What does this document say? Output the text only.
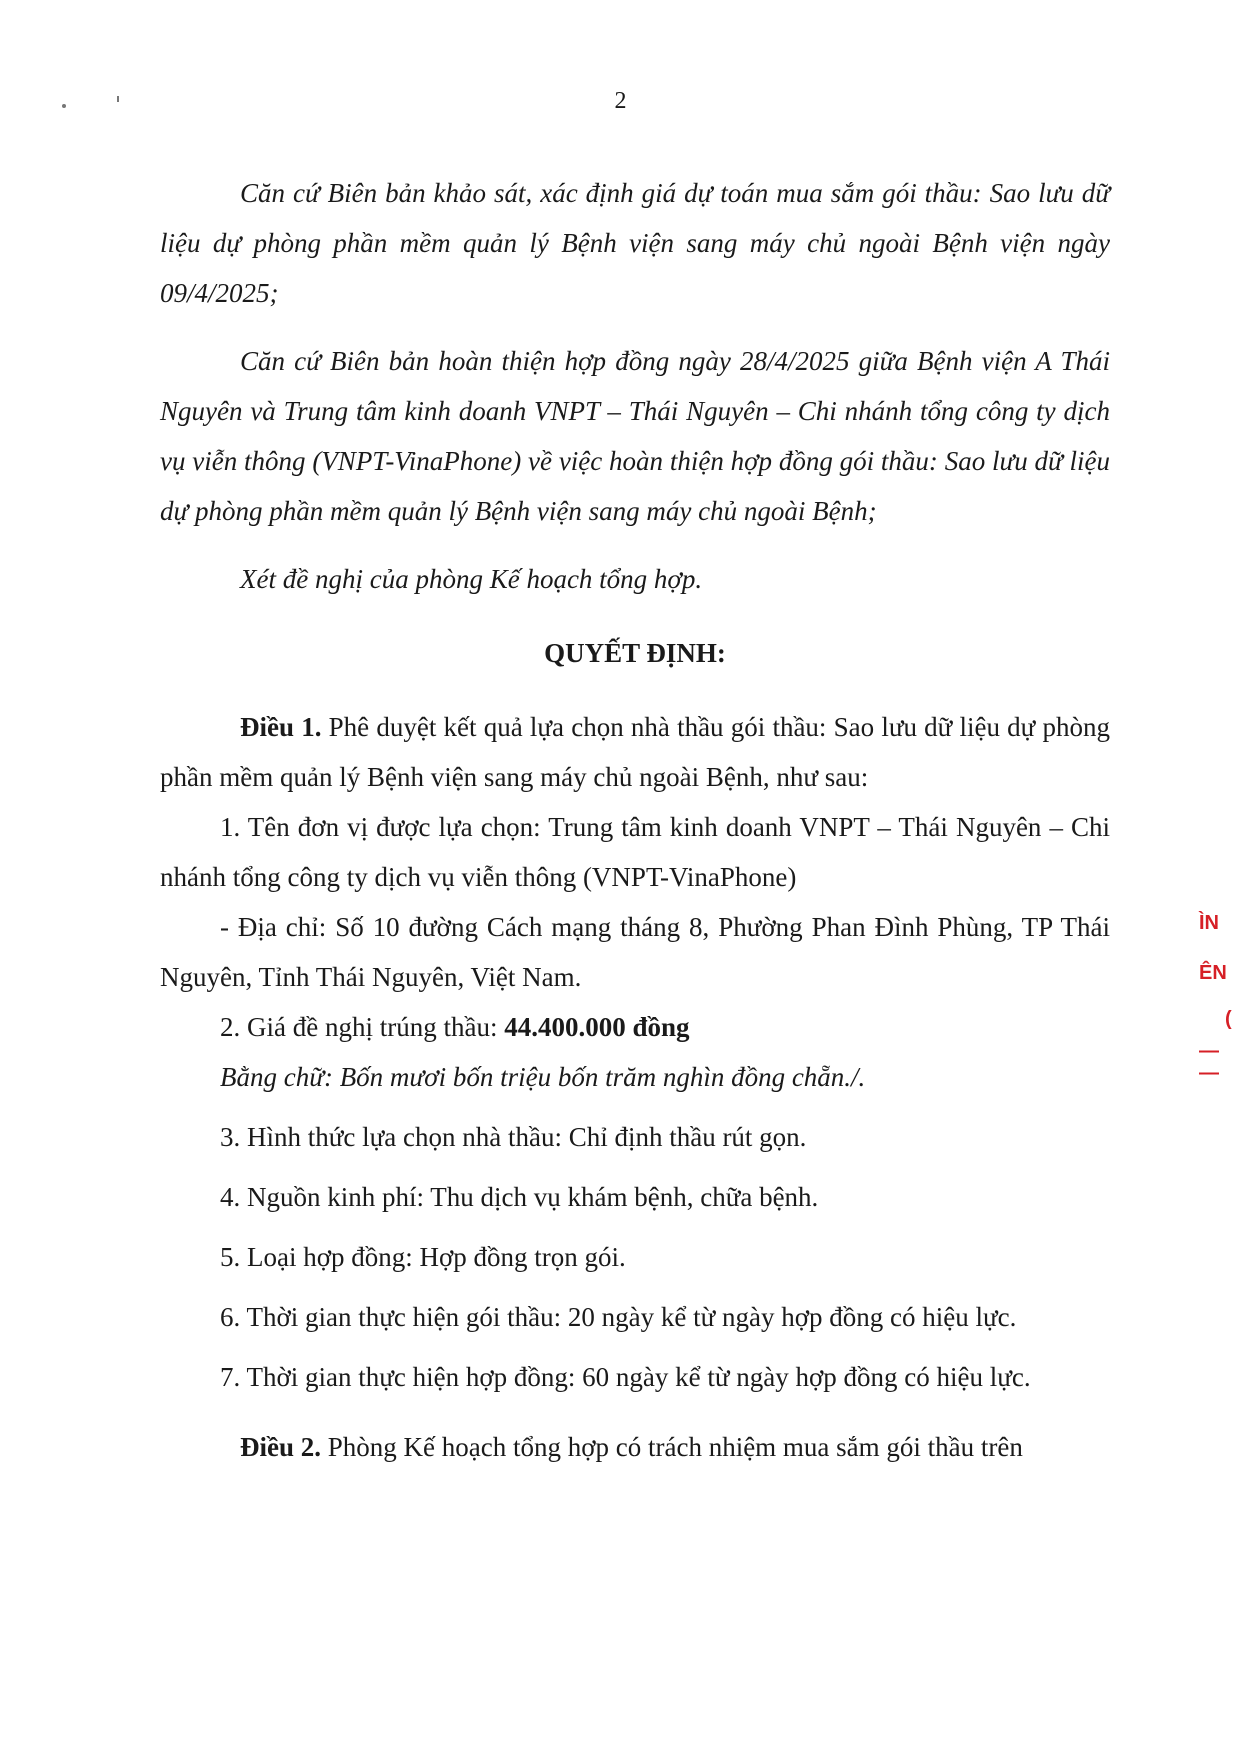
2

Căn cứ Biên bản khảo sát, xác định giá dự toán mua sắm gói thầu: Sao lưu dữ liệu dự phòng phần mềm quản lý Bệnh viện sang máy chủ ngoài Bệnh viện ngày 09/4/2025;

Căn cứ Biên bản hoàn thiện hợp đồng ngày 28/4/2025 giữa Bệnh viện A Thái Nguyên và Trung tâm kinh doanh VNPT – Thái Nguyên – Chi nhánh tổng công ty dịch vụ viễn thông (VNPT-VinaPhone) về việc hoàn thiện hợp đồng gói thầu: Sao lưu dữ liệu dự phòng phần mềm quản lý Bệnh viện sang máy chủ ngoài Bệnh;

Xét đề nghị của phòng Kế hoạch tổng hợp.

QUYẾT ĐỊNH:

Điều 1. Phê duyệt kết quả lựa chọn nhà thầu gói thầu: Sao lưu dữ liệu dự phòng phần mềm quản lý Bệnh viện sang máy chủ ngoài Bệnh, như sau:

1. Tên đơn vị được lựa chọn: Trung tâm kinh doanh VNPT – Thái Nguyên – Chi nhánh tổng công ty dịch vụ viễn thông (VNPT-VinaPhone)

- Địa chỉ: Số 10 đường Cách mạng tháng 8, Phường Phan Đình Phùng, TP Thái Nguyên, Tỉnh Thái Nguyên, Việt Nam.

2. Giá đề nghị trúng thầu: 44.400.000 đồng

Bằng chữ: Bốn mươi bốn triệu bốn trăm nghìn đồng chẵn./.

3. Hình thức lựa chọn nhà thầu: Chỉ định thầu rút gọn.

4. Nguồn kinh phí: Thu dịch vụ khám bệnh, chữa bệnh.

5. Loại hợp đồng: Hợp đồng trọn gói.

6. Thời gian thực hiện gói thầu: 20 ngày kể từ ngày hợp đồng có hiệu lực.

7. Thời gian thực hiện hợp đồng: 60 ngày kể từ ngày hợp đồng có hiệu lực.

Điều 2. Phòng Kế hoạch tổng hợp có trách nhiệm mua sắm gói thầu trên

ÌN
ÊN
(
—
—
